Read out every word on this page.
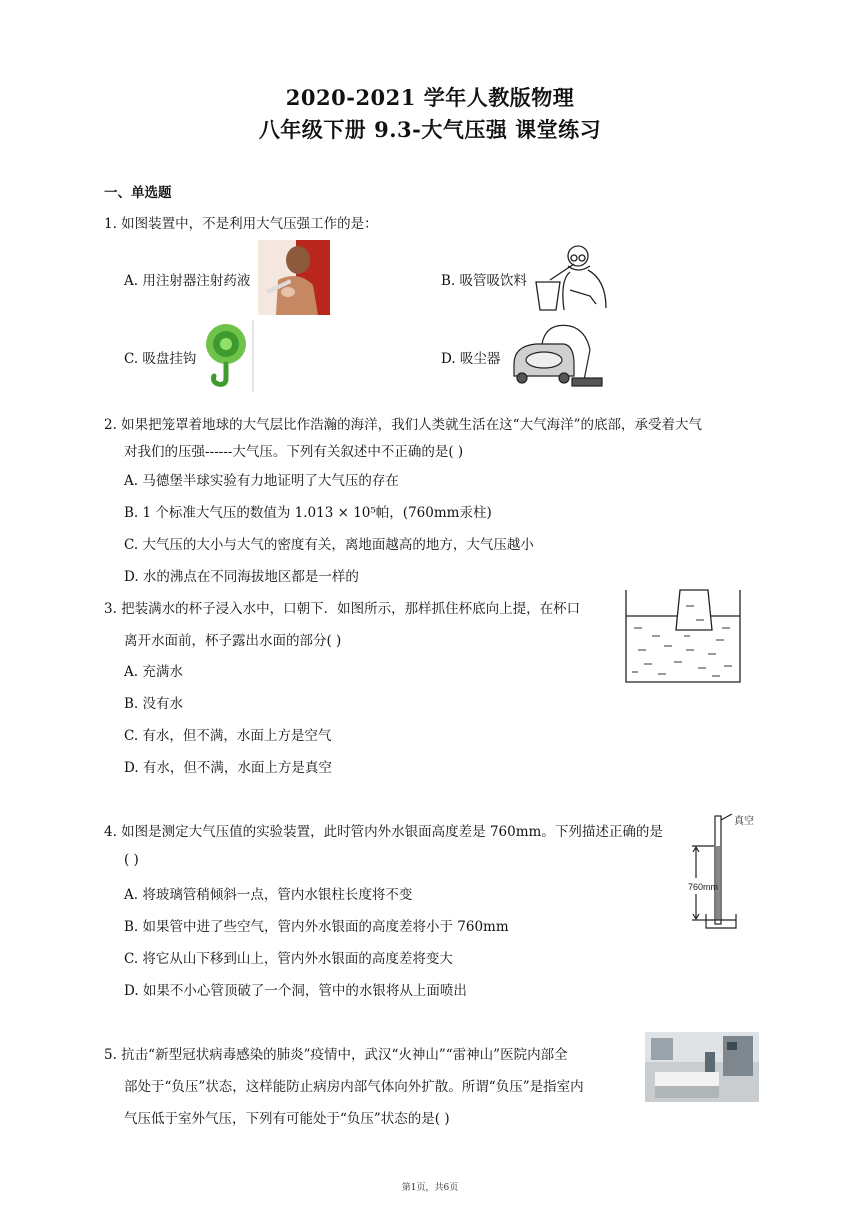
2020-2021 学年人教版物理
八年级下册 9.3-大气压强 课堂练习
一、单选题
1. 如图装置中，不是利用大气压强工作的是：
A. 用注射器注射药液	B. 吸管吸饮料
C. 吸盘挂钩	D. 吸尘器
2. 如果把笼罩着地球的大气层比作浩瀚的海洋，我们人类就生活在这“大气海洋”的底部，承受着大气
对我们的压强------大气压。下列有关叙述中不正确的是( )
A. 马德堡半球实验有力地证明了大气压的存在
B. 1 个标准大气压的数值为 1.013 × 10⁵帕，(760mm汞柱)
C. 大气压的大小与大气的密度有关，离地面越高的地方，大气压越小
D. 水的沸点在不同海拔地区都是一样的
3. 把装满水的杯子浸入水中，口朝下．如图所示，那样抓住杯底向上提，在杯口
离开水面前，杯子露出水面的部分( )
A. 充满水
B. 没有水
C. 有水，但不满，水面上方是空气
D. 有水，但不满，水面上方是真空
4. 如图是测定大气压值的实验装置，此时管内外水银面高度差是 760mm。下列描述正确的是
( )
A. 将玻璃管稍倾斜一点，管内水银柱长度将不变
B. 如果管中进了些空气，管内外水银面的高度差将小于 760mm
C. 将它从山下移到山上，管内外水银面的高度差将变大
D. 如果不小心管顶破了一个洞，管中的水银将从上面喷出
真空
760mm
5. 抗击“新型冠状病毒感染的肺炎”疫情中，武汉“火神山”“雷神山”医院内部全
部处于“负压”状态，这样能防止病房内部气体向外扩散。所谓“负压”是指室内
气压低于室外气压，下列有可能处于“负压”状态的是( )
第1页，共6页
